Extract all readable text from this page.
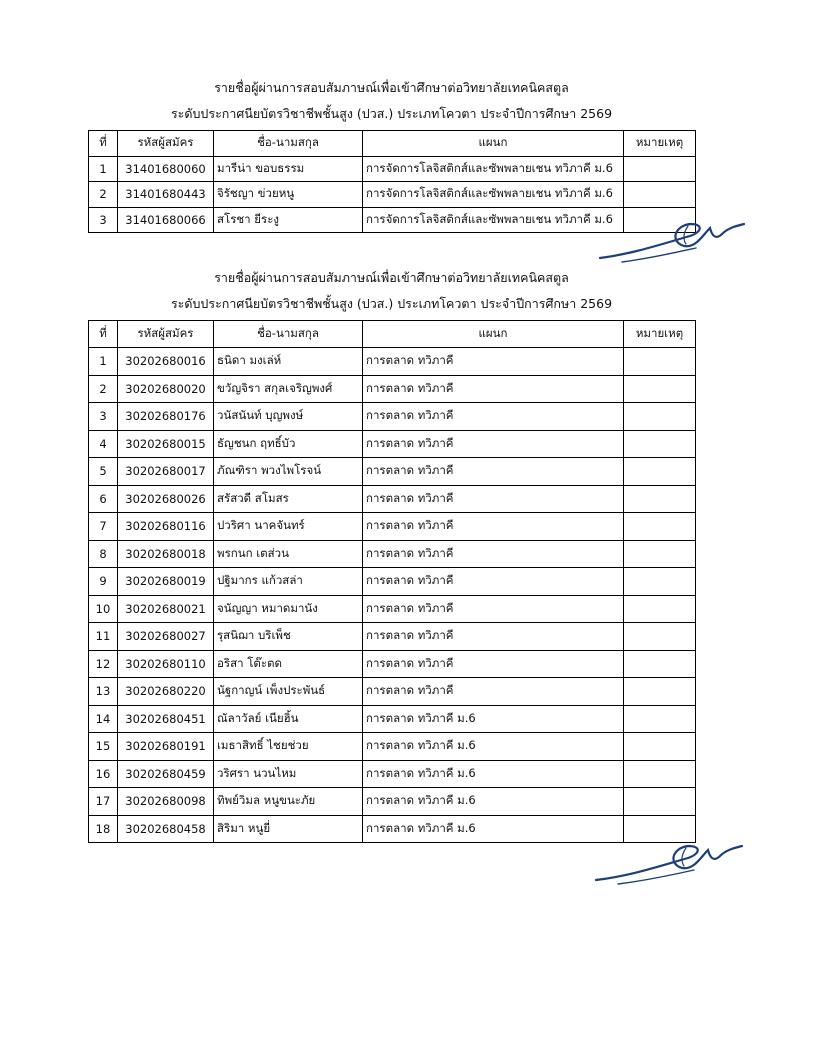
รายชื่อผู้ผ่านการสอบสัมภาษณ์เพื่อเข้าศึกษาต่อวิทยาลัยเทคนิคสตูล
ระดับประกาศนียบัตรวิชาชีพชั้นสูง (ปวส.) ประเภทโควตา ประจำปีการศึกษา 2569
ที่	รหัสผู้สมัคร	ชื่อ-นามสกุล	แผนก	หมายเหตุ
1	31401680060	มารีน่า ขอบธรรม	การจัดการโลจิสติกส์และซัพพลายเชน ทวิภาคี ม.6	
2	31401680443	จิรัชญา ข่วยหนู	การจัดการโลจิสติกส์และซัพพลายเชน ทวิภาคี ม.6	
3	31401680066	สโรชา ยีระงู	การจัดการโลจิสติกส์และซัพพลายเชน ทวิภาคี ม.6	
รายชื่อผู้ผ่านการสอบสัมภาษณ์เพื่อเข้าศึกษาต่อวิทยาลัยเทคนิคสตูล
ระดับประกาศนียบัตรวิชาชีพชั้นสูง (ปวส.) ประเภทโควตา ประจำปีการศึกษา 2569
ที่	รหัสผู้สมัคร	ชื่อ-นามสกุล	แผนก	หมายเหตุ
1	30202680016	ธนิดา มงเล่ห์	การตลาด ทวิภาคี	
2	30202680020	ขวัญจิรา สกุลเจริญพงศ์	การตลาด ทวิภาคี	
3	30202680176	วนัสนันท์ บุญพงษ์	การตลาด ทวิภาคี	
4	30202680015	ธัญชนก ฤทธิ์บัว	การตลาด ทวิภาคี	
5	30202680017	ภัณฑิรา พวงไพโรจน์	การตลาด ทวิภาคี	
6	30202680026	สรัสวดี สโมสร	การตลาด ทวิภาคี	
7	30202680116	ปวริศา นาคจันทร์	การตลาด ทวิภาคี	
8	30202680018	พรกนก เตส่วน	การตลาด ทวิภาคี	
9	30202680019	ปฐิมากร แก้วสล่า	การตลาด ทวิภาคี	
10	30202680021	จนัญญา หมาดมานัง	การตลาด ทวิภาคี	
11	30202680027	รุสนิฌา บริเพ็ช	การตลาด ทวิภาคี	
12	30202680110	อริสา โต๊ะตด	การตลาด ทวิภาคี	
13	30202680220	นัฐกาญน์ เพ็งประพันธ์	การตลาด ทวิภาคี	
14	30202680451	ณัลาวัลย์ เนียฮิ้น	การตลาด ทวิภาคี ม.6	
15	30202680191	เมธาสิทธิ์ ไชยช่วย	การตลาด ทวิภาคี ม.6	
16	30202680459	วริศรา นวนไหม	การตลาด ทวิภาคี ม.6	
17	30202680098	ทิพย์วิมล หนูขนะภัย	การตลาด ทวิภาคี ม.6	
18	30202680458	สิริมา หนูยี่	การตลาด ทวิภาคี ม.6	
